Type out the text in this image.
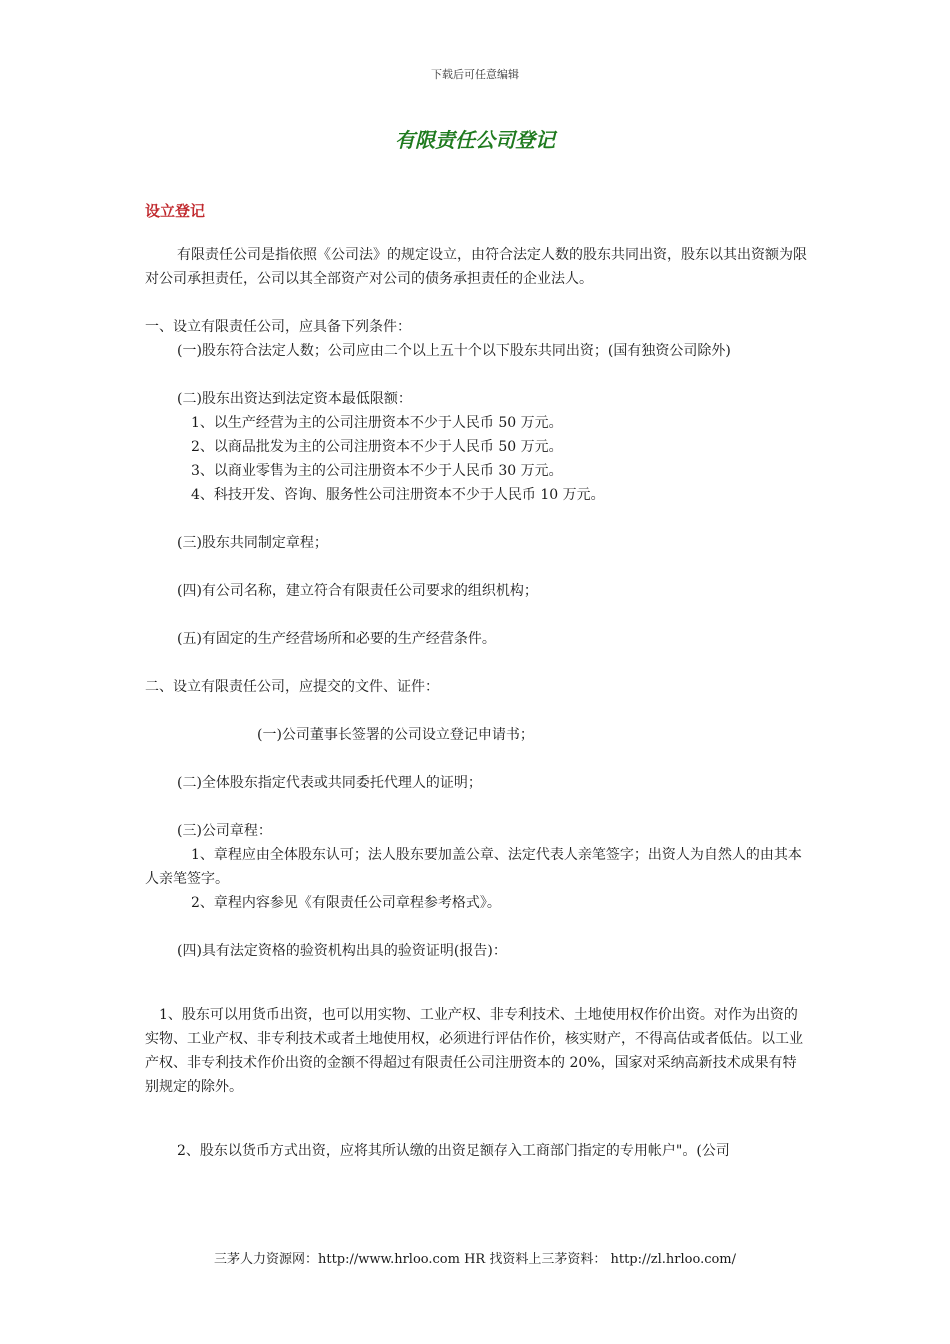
下载后可任意编辑
有限责任公司登记
设立登记

有限责任公司是指依照《公司法》的规定设立，由符合法定人数的股东共同出资，股东以其出资额为限对公司承担责任，公司以其全部资产对公司的债务承担责任的企业法人。

一、设立有限责任公司，应具备下列条件：

(一)股东符合法定人数；公司应由二个以上五十个以下股东共同出资；(国有独资公司除外)

(二)股东出资达到法定资本最低限额：

1、以生产经营为主的公司注册资本不少于人民币 50 万元。

2、以商品批发为主的公司注册资本不少于人民币 50 万元。

3、以商业零售为主的公司注册资本不少于人民币 30 万元。

4、科技开发、咨询、服务性公司注册资本不少于人民币 10 万元。

(三)股东共同制定章程；

(四)有公司名称，建立符合有限责任公司要求的组织机构；

(五)有固定的生产经营场所和必要的生产经营条件。

二、设立有限责任公司，应提交的文件、证件：

(一)公司董事长签署的公司设立登记申请书；

(二)全体股东指定代表或共同委托代理人的证明；

(三)公司章程：

1、章程应由全体股东认可；法人股东要加盖公章、法定代表人亲笔签字；出资人为自然人的由其本人亲笔签字。

2、章程内容参见《有限责任公司章程参考格式》。

(四)具有法定资格的验资机构出具的验资证明(报告)：

1、股东可以用货币出资，也可以用实物、工业产权、非专利技术、土地使用权作价出资。对作为出资的实物、工业产权、非专利技术或者土地使用权，必须进行评估作价，核实财产，不得高估或者低估。以工业产权、非专利技术作价出资的金额不得超过有限责任公司注册资本的 20%，国家对采纳高新技术成果有特别规定的除外。

2、股东以货币方式出资，应将其所认缴的出资足额存入工商部门指定的专用帐户"。(公司

三茅人力资源网：http://www.hrloo.com HR 找资料上三茅资料： http://zl.hrloo.com/
